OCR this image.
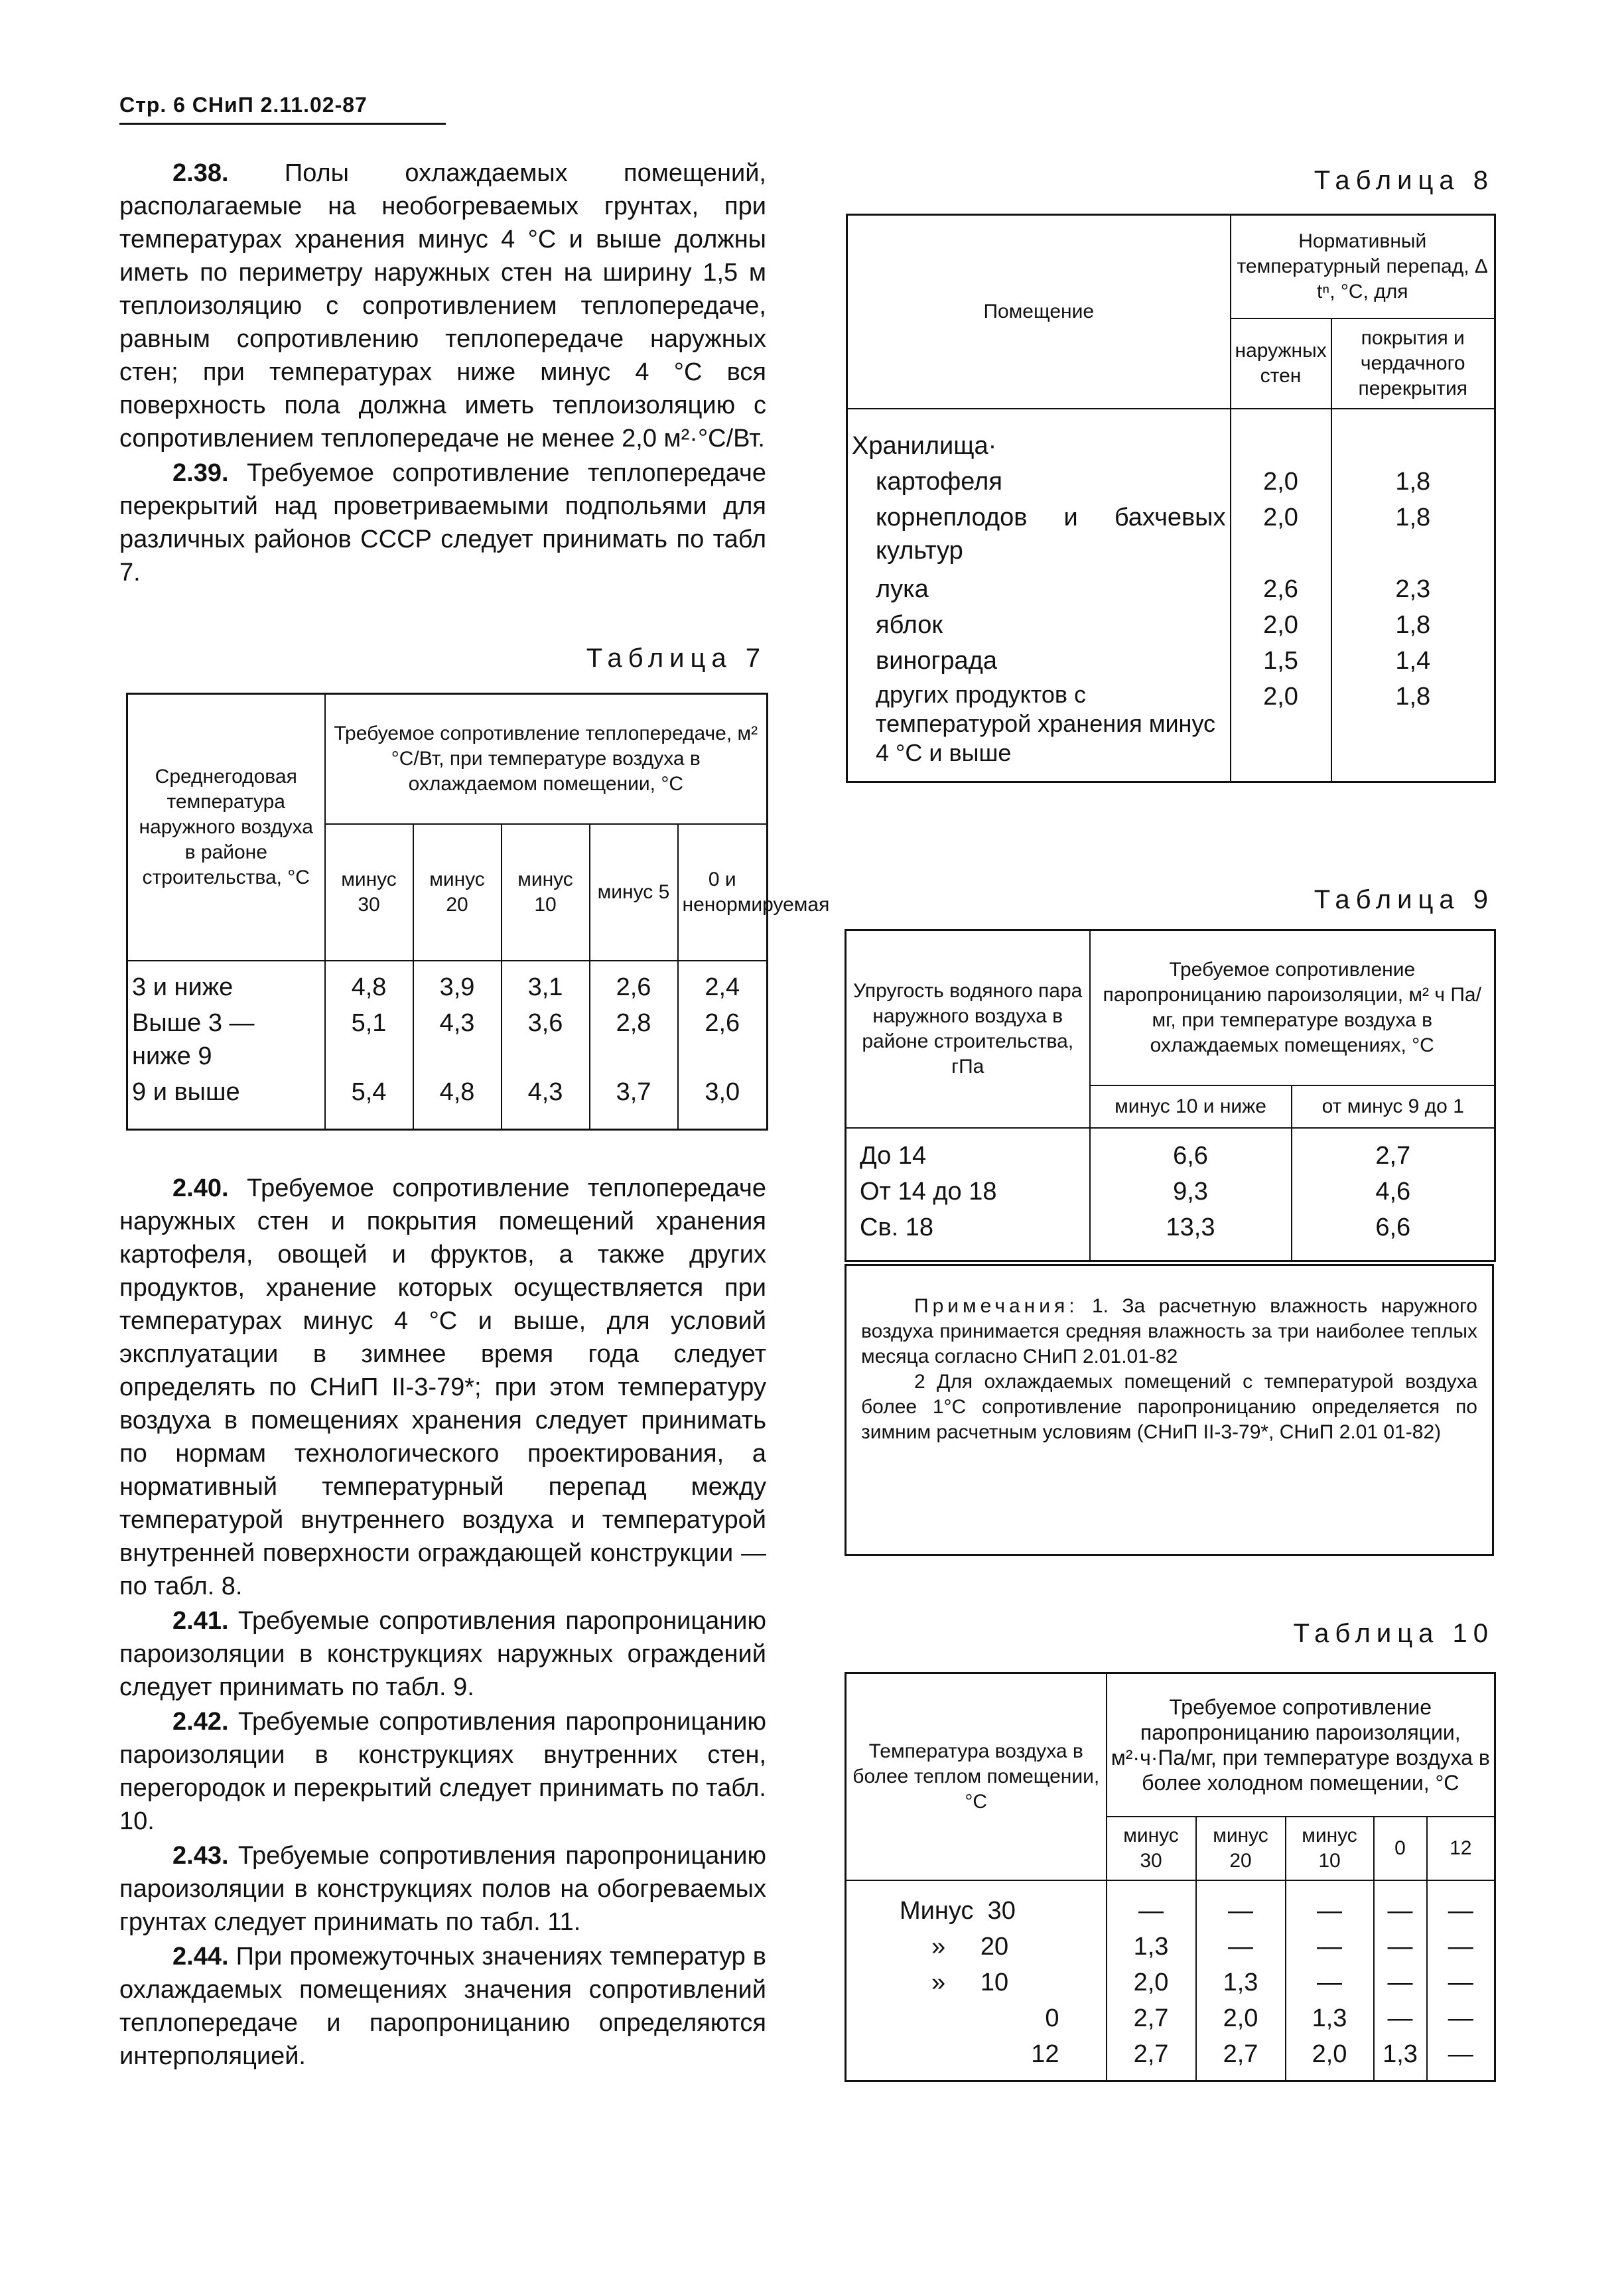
Стр. 6 СНиП 2.11.02-87

2.38. Полы охлаждаемых помещений, располагаемые на необогреваемых грунтах, при температурах хранения минус 4 °С и выше должны иметь по периметру наружных стен на ширину 1,5 м теплоизоляцию с сопротивлением теплопередаче, равным сопротивлению теплопередаче наружных стен; при температурах ниже минус 4 °С вся поверхность пола должна иметь теплоизоляцию с сопротивлением теплопередаче не менее 2,0 м²·°С/Вт.

2.39. Требуемое сопротивление теплопередаче перекрытий над проветриваемыми подпольями для различных районов СССР следует принимать по табл 7.

Таблица 7
Среднегодовая температура наружного воздуха в районе строительства, °С	Требуемое сопротивление теплопередаче, м² °С/Вт, при температуре воздуха в охлаждаемом помещении, °С				
	минус 30	минус 20	минус 10	минус 5	0 и ненормируемая
3 и ниже	4,8	3,9	3,1	2,6	2,4
Выше 3 — ниже 9	5,1	4,3	3,6	2,8	2,6
9 и выше	5,4	4,8	4,3	3,7	3,0

2.40. Требуемое сопротивление теплопередаче наружных стен и покрытия помещений хранения картофеля, овощей и фруктов, а также других продуктов, хранение которых осуществляется при температурах минус 4 °С и выше, для условий эксплуатации в зимнее время года следует определять по СНиП II-3-79*; при этом температуру воздуха в помещениях хранения следует принимать по нормам технологического проектирования, а нормативный температурный перепад между температурой внутреннего воздуха и температурой внутренней поверхности ограждающей конструкции — по табл. 8.

2.41. Требуемые сопротивления паропроницанию пароизоляции в конструкциях наружных ограждений следует принимать по табл. 9.

2.42. Требуемые сопротивления паропроницанию пароизоляции в конструкциях внутренних стен, перегородок и перекрытий следует принимать по табл. 10.

2.43. Требуемые сопротивления паропроницанию пароизоляции в конструкциях полов на обогреваемых грунтах следует принимать по табл. 11.

2.44. При промежуточных значениях температур в охлаждаемых помещениях значения сопротивлений теплопередаче и паропроницанию определяются интерполяцией.

Таблица 8
Помещение	Нормативный температурный перепад, Δ tⁿ, °С, для	
	наружных стен	покрытия и чердачного перекрытия
Хранилища·		
картофеля	2,0	1,8
корнеплодов и бахчевых культур	2,0	1,8
лука	2,6	2,3
яблок	2,0	1,8
винограда	1,5	1,4
других продуктов с температурой хранения минус 4 °С и выше	2,0	1,8
Таблица 9
Упругость водяного пара наружного воздуха в районе строительства, гПа	Требуемое сопротивление паропроницанию пароизоляции, м² ч Па/мг, при температуре воздуха в охлаждаемых помещениях, °С	
	минус 10 и ниже	от минус 9 до 1
До 14	6,6	2,7
От 14 до 18	9,3	4,6
Св. 18	13,3	6,6

Примечания: 1. За расчетную влажность наружного воздуха принимается средняя влажность за три наиболее теплых месяца согласно СНиП 2.01.01-82

2 Для охлаждаемых помещений с температурой воздуха более 1°С сопротивление паропроницанию определяется по зимним расчетным условиям (СНиП II-3-79*, СНиП 2.01 01-82)

Таблица 10
Температура воздуха в более теплом помещении, °С	Требуемое сопротивление паропроницанию пароизоляции, м²·ч·Па/мг, при температуре воздуха в более холодном помещении, °С				
	минус 30	минус 20	минус 10	0	12
Минус  30	—	—	—	—	—
»     20	1,3	—	—	—	—
»     10	2,0	1,3	—	—	—
0	2,7	2,0	1,3	—	—
12	2,7	2,7	2,0	1,3	—
